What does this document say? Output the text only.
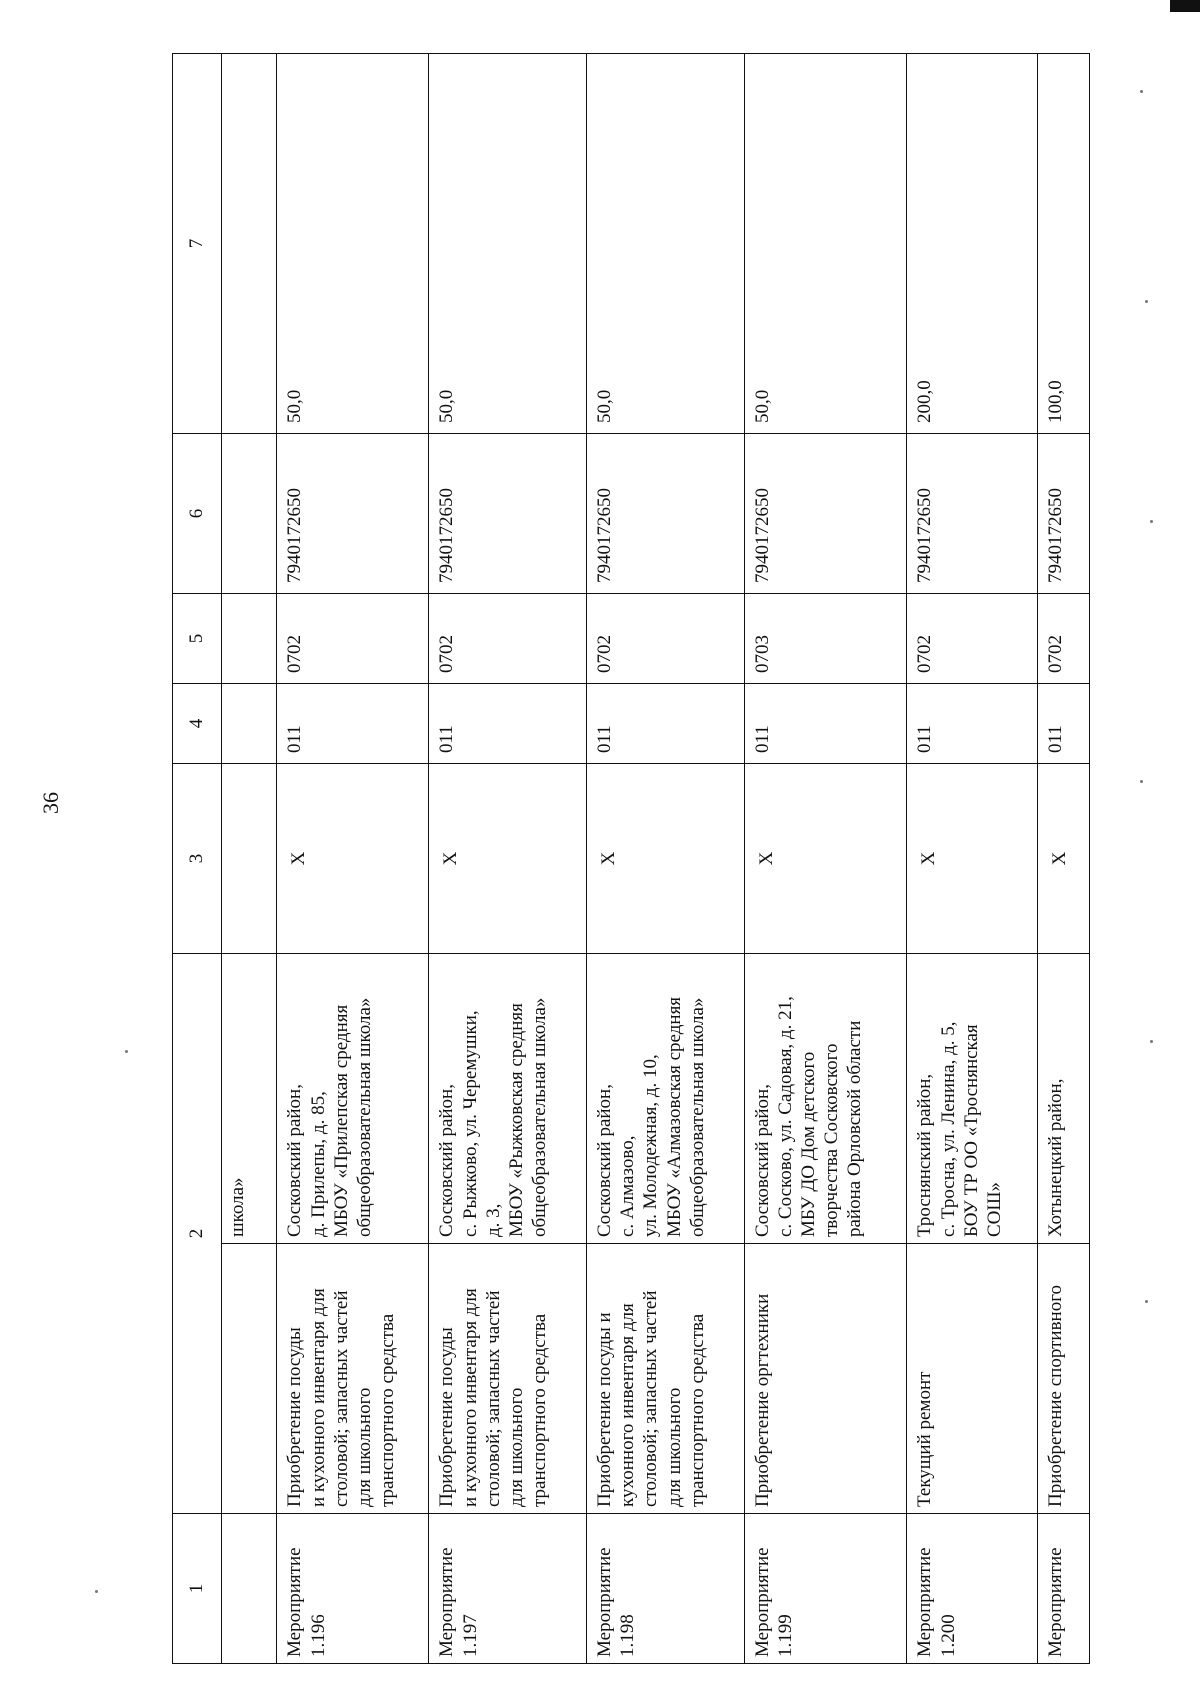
36
1	2		3	4	5	6	7
		школа»					
Мероприятие
1.196	Приобретение посуды
и кухонного инвентаря для
столовой; запасных частей
для школьного
транспортного средства	Сосковский район,
д. Прилепы, д. 85,
МБОУ «Прилепская средняя
общеобразовательная школа»	Х	011	0702	7940172650	50,0
Мероприятие
1.197	Приобретение посуды
и кухонного инвентаря для
столовой; запасных частей
для школьного
транспортного средства	Сосковский район,
с. Рыжково, ул. Черемушки,
д. 3,
МБОУ «Рыжковская средняя
общеобразовательная школа»	Х	011	0702	7940172650	50,0
Мероприятие
1.198	Приобретение посуды и
кухонного инвентаря для
столовой; запасных частей
для школьного
транспортного средства	Сосковский район,
с. Алмазово,
ул. Молодежная, д. 10,
МБОУ «Алмазовская средняя
общеобразовательная школа»	Х	011	0702	7940172650	50,0
Мероприятие
1.199	Приобретение оргтехники	Сосковский район,
с. Сосково, ул. Садовая, д. 21,
МБУ ДО Дом детского
творчества Сосковского
района Орловской области	Х	011	0703	7940172650	50,0
Мероприятие
1.200	Текущий ремонт	Троснянский район,
с. Тросна, ул. Ленина, д. 5,
БОУ ТР ОО «Троснянская
СОШ»	Х	011	0702	7940172650	200,0
Мероприятие	Приобретение спортивного	Хотынецкий район,	Х	011	0702	7940172650	100,0
